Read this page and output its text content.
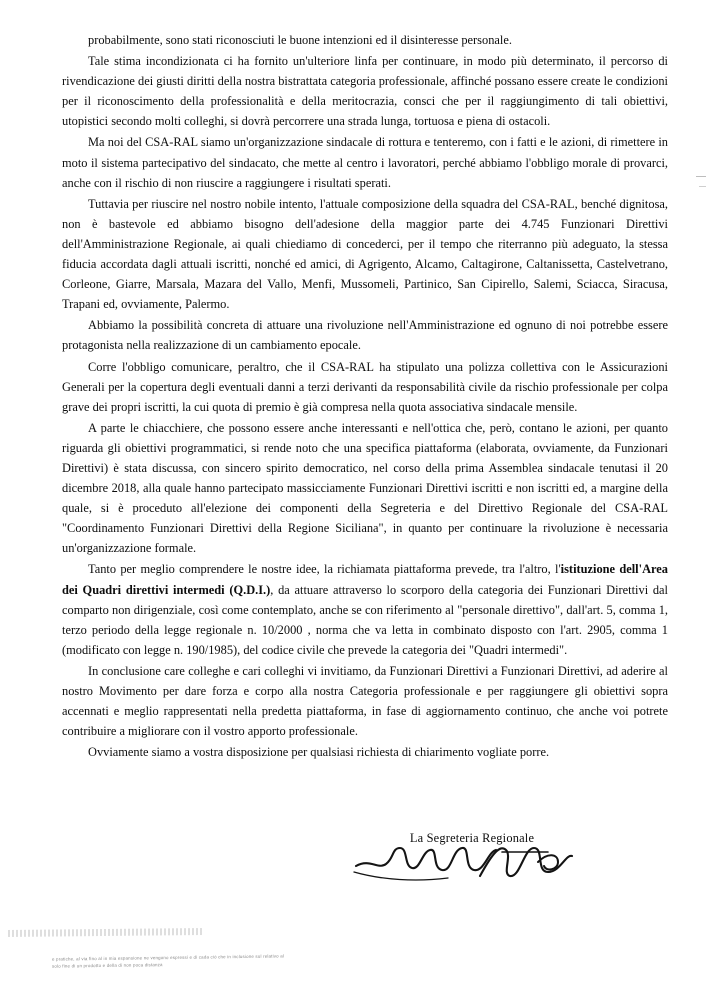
probabilmente, sono stati riconosciuti le buone intenzioni ed il disinteresse personale.

Tale stima incondizionata ci ha fornito un'ulteriore linfa per continuare, in modo più determinato, il percorso di rivendicazione dei giusti diritti della nostra bistrattata categoria professionale, affinché possano essere create le condizioni per il riconoscimento della professionalità e della meritocrazia, consci che per il raggiungimento di tali obiettivi, utopistici secondo molti colleghi, si dovrà percorrere una strada lunga, tortuosa e piena di ostacoli.

Ma noi del CSA-RAL siamo un'organizzazione sindacale di rottura e tenteremo, con i fatti e le azioni, di rimettere in moto il sistema partecipativo del sindacato, che mette al centro i lavoratori, perché abbiamo l'obbligo morale di provarci, anche con il rischio di non riuscire a raggiungere i risultati sperati.

Tuttavia per riuscire nel nostro nobile intento, l'attuale composizione della squadra del CSA-RAL, benché dignitosa, non è bastevole ed abbiamo bisogno dell'adesione della maggior parte dei 4.745 Funzionari Direttivi dell'Amministrazione Regionale, ai quali chiediamo di concederci, per il tempo che riterranno più adeguato, la stessa fiducia accordata dagli attuali iscritti, nonché ed amici, di Agrigento, Alcamo, Caltagirone, Caltanissetta, Castelvetrano, Corleone, Giarre, Marsala, Mazara del Vallo, Menfi, Mussomeli, Partinico, San Cipirello, Salemi, Sciacca, Siracusa, Trapani ed, ovviamente, Palermo.

Abbiamo la possibilità concreta di attuare una rivoluzione nell'Amministrazione ed ognuno di noi potrebbe essere protagonista nella realizzazione di un cambiamento epocale.

Corre l'obbligo comunicare, peraltro, che il CSA-RAL ha stipulato una polizza collettiva con le Assicurazioni Generali per la copertura degli eventuali danni a terzi derivanti da responsabilità civile da rischio professionale per colpa grave dei propri iscritti, la cui quota di premio è già compresa nella quota associativa sindacale mensile.

A parte le chiacchiere, che possono essere anche interessanti e nell'ottica che, però, contano le azioni, per quanto riguarda gli obiettivi programmatici, si rende noto che una specifica piattaforma (elaborata, ovviamente, da Funzionari Direttivi) è stata discussa, con sincero spirito democratico, nel corso della prima Assemblea sindacale tenutasi il 20 dicembre 2018, alla quale hanno partecipato massicciamente Funzionari Direttivi iscritti e non iscritti ed, a margine della quale, si è proceduto all'elezione dei componenti della Segreteria e del Direttivo Regionale del CSA-RAL "Coordinamento Funzionari Direttivi della Regione Siciliana", in quanto per continuare la rivoluzione è necessaria un'organizzazione formale.

Tanto per meglio comprendere le nostre idee, la richiamata piattaforma prevede, tra l'altro, l'istituzione dell'Area dei Quadri direttivi intermedi (Q.D.I.), da attuare attraverso lo scorporo della categoria dei Funzionari Direttivi dal comparto non dirigenziale, così come contemplato, anche se con riferimento al "personale direttivo", dall'art. 5, comma 1, terzo periodo della legge regionale n. 10/2000 , norma che va letta in combinato disposto con l'art. 2905, comma 1 (modificato con legge n. 190/1985), del codice civile che prevede la categoria dei "Quadri intermedi".

In conclusione care colleghe e cari colleghi vi invitiamo, da Funzionari Direttivi a Funzionari Direttivi, ad aderire al nostro Movimento per dare forza e corpo alla nostra Categoria professionale e per raggiungere gli obiettivi sopra accennati e meglio rappresentati nella predetta piattaforma, in fase di aggiornamento continuo, che anche voi potrete contribuire a migliorare con il vostro apporto professionale.

Ovviamente siamo a vostra disposizione per qualsiasi richiesta di chiarimento vogliate porre.

La Segreteria Regionale
e pratiche, al via fino al in mia espansione ne vengono espressi e di cada ciò che in inclusione sul relativo al solo fine di un prodotto e della di non poca distanza
